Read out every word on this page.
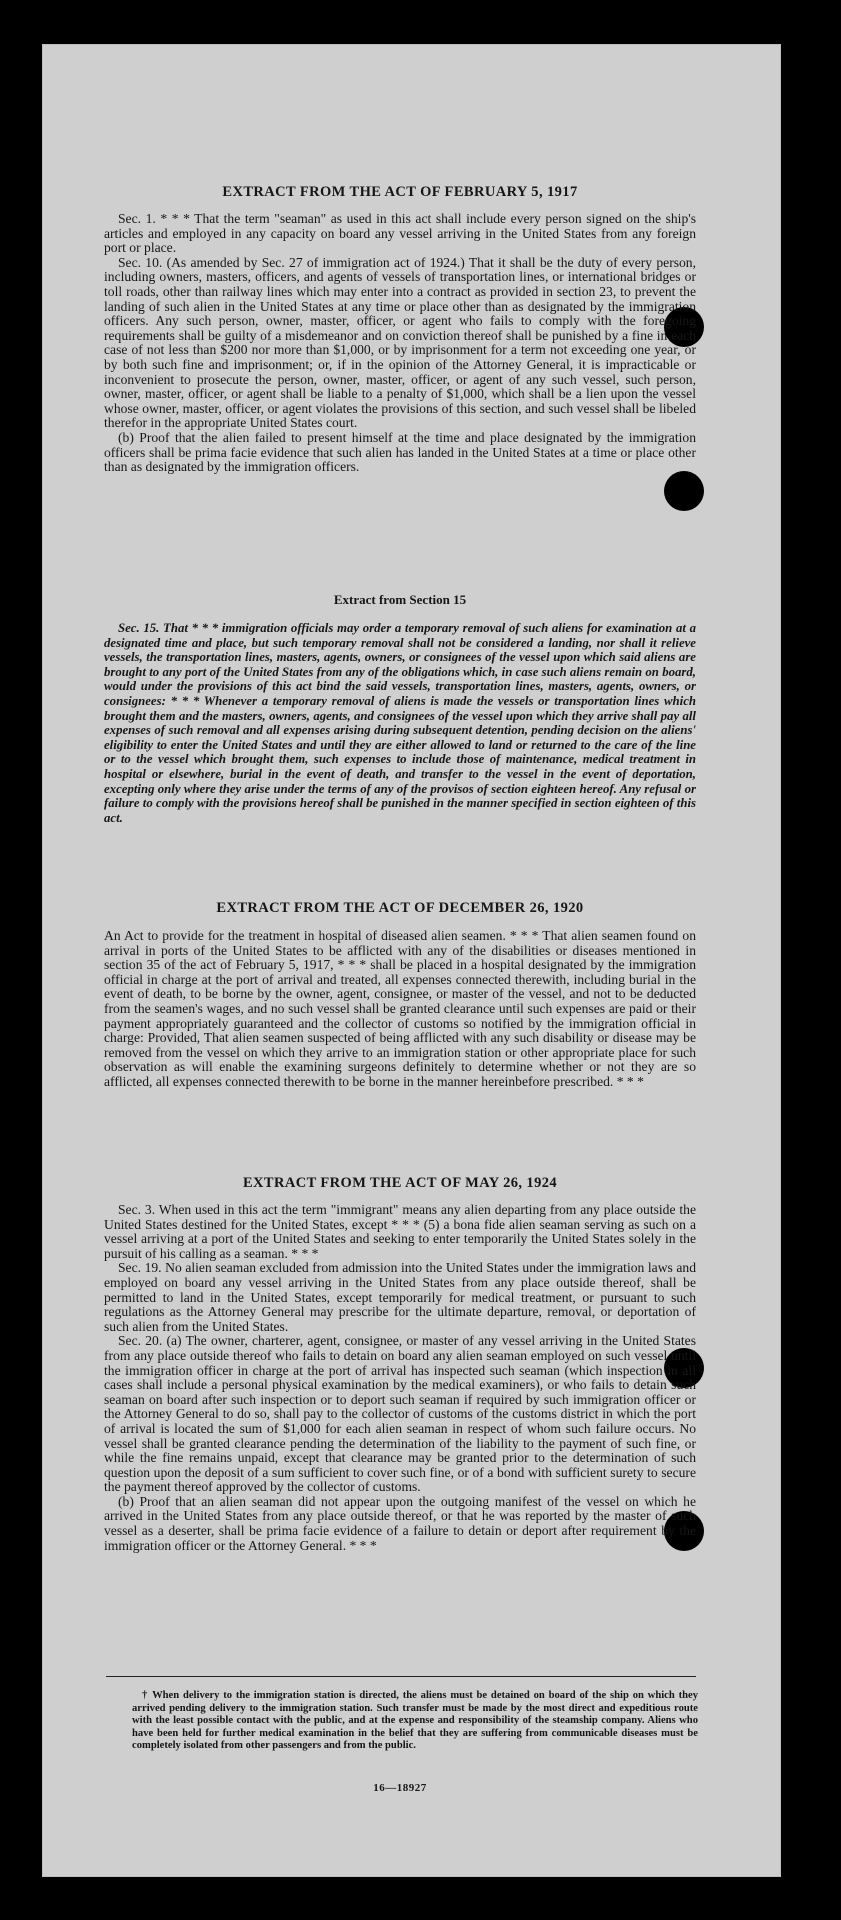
EXTRACT FROM THE ACT OF FEBRUARY 5, 1917

Sec. 1. * * * That the term "seaman" as used in this act shall include every person signed on the ship's articles and employed in any capacity on board any vessel arriving in the United States from any foreign port or place.

Sec. 10. (As amended by Sec. 27 of immigration act of 1924.) That it shall be the duty of every person, including owners, masters, officers, and agents of vessels of transportation lines, or international bridges or toll roads, other than railway lines which may enter into a contract as provided in section 23, to prevent the landing of such alien in the United States at any time or place other than as designated by the immigration officers. Any such person, owner, master, officer, or agent who fails to comply with the foregoing requirements shall be guilty of a misdemeanor and on conviction thereof shall be punished by a fine in each case of not less than $200 nor more than $1,000, or by imprisonment for a term not exceeding one year, or by both such fine and imprisonment; or, if in the opinion of the Attorney General, it is impracticable or inconvenient to prosecute the person, owner, master, officer, or agent of any such vessel, such person, owner, master, officer, or agent shall be liable to a penalty of $1,000, which shall be a lien upon the vessel whose owner, master, officer, or agent violates the provisions of this section, and such vessel shall be libeled therefor in the appropriate United States court.

(b) Proof that the alien failed to present himself at the time and place designated by the immigration officers shall be prima facie evidence that such alien has landed in the United States at a time or place other than as designated by the immigration officers.

Extract from Section 15

Sec. 15. That * * * immigration officials may order a temporary removal of such aliens for examination at a designated time and place, but such temporary removal shall not be considered a landing, nor shall it relieve vessels, the transportation lines, masters, agents, owners, or consignees of the vessel upon which said aliens are brought to any port of the United States from any of the obligations which, in case such aliens remain on board, would under the provisions of this act bind the said vessels, transportation lines, masters, agents, owners, or consignees: * * * Whenever a temporary removal of aliens is made the vessels or transportation lines which brought them and the masters, owners, agents, and consignees of the vessel upon which they arrive shall pay all expenses of such removal and all expenses arising during subsequent detention, pending decision on the aliens' eligibility to enter the United States and until they are either allowed to land or returned to the care of the line or to the vessel which brought them, such expenses to include those of maintenance, medical treatment in hospital or elsewhere, burial in the event of death, and transfer to the vessel in the event of deportation, excepting only where they arise under the terms of any of the provisos of section eighteen hereof. Any refusal or failure to comply with the provisions hereof shall be punished in the manner specified in section eighteen of this act.

EXTRACT FROM THE ACT OF DECEMBER 26, 1920

An Act to provide for the treatment in hospital of diseased alien seamen. * * * That alien seamen found on arrival in ports of the United States to be afflicted with any of the disabilities or diseases mentioned in section 35 of the act of February 5, 1917, * * * shall be placed in a hospital designated by the immigration official in charge at the port of arrival and treated, all expenses connected therewith, including burial in the event of death, to be borne by the owner, agent, consignee, or master of the vessel, and not to be deducted from the seamen's wages, and no such vessel shall be granted clearance until such expenses are paid or their payment appropriately guaranteed and the collector of customs so notified by the immigration official in charge: Provided, That alien seamen suspected of being afflicted with any such disability or disease may be removed from the vessel on which they arrive to an immigration station or other appropriate place for such observation as will enable the examining surgeons definitely to determine whether or not they are so afflicted, all expenses connected therewith to be borne in the manner hereinbefore prescribed. * * *

EXTRACT FROM THE ACT OF MAY 26, 1924

Sec. 3. When used in this act the term "immigrant" means any alien departing from any place outside the United States destined for the United States, except * * * (5) a bona fide alien seaman serving as such on a vessel arriving at a port of the United States and seeking to enter temporarily the United States solely in the pursuit of his calling as a seaman. * * *

Sec. 19. No alien seaman excluded from admission into the United States under the immigration laws and employed on board any vessel arriving in the United States from any place outside thereof, shall be permitted to land in the United States, except temporarily for medical treatment, or pursuant to such regulations as the Attorney General may prescribe for the ultimate departure, removal, or deportation of such alien from the United States.

Sec. 20. (a) The owner, charterer, agent, consignee, or master of any vessel arriving in the United States from any place outside thereof who fails to detain on board any alien seaman employed on such vessel until the immigration officer in charge at the port of arrival has inspected such seaman (which inspection in all cases shall include a personal physical examination by the medical examiners), or who fails to detain such seaman on board after such inspection or to deport such seaman if required by such immigration officer or the Attorney General to do so, shall pay to the collector of customs of the customs district in which the port of arrival is located the sum of $1,000 for each alien seaman in respect of whom such failure occurs. No vessel shall be granted clearance pending the determination of the liability to the payment of such fine, or while the fine remains unpaid, except that clearance may be granted prior to the determination of such question upon the deposit of a sum sufficient to cover such fine, or of a bond with sufficient surety to secure the payment thereof approved by the collector of customs.

(b) Proof that an alien seaman did not appear upon the outgoing manifest of the vessel on which he arrived in the United States from any place outside thereof, or that he was reported by the master of such vessel as a deserter, shall be prima facie evidence of a failure to detain or deport after requirement by the immigration officer or the Attorney General. * * *

† When delivery to the immigration station is directed, the aliens must be detained on board of the ship on which they arrived pending delivery to the immigration station. Such transfer must be made by the most direct and expeditious route with the least possible contact with the public, and at the expense and responsibility of the steamship company. Aliens who have been held for further medical examination in the belief that they are suffering from communicable diseases must be completely isolated from other passengers and from the public.

16—18927
